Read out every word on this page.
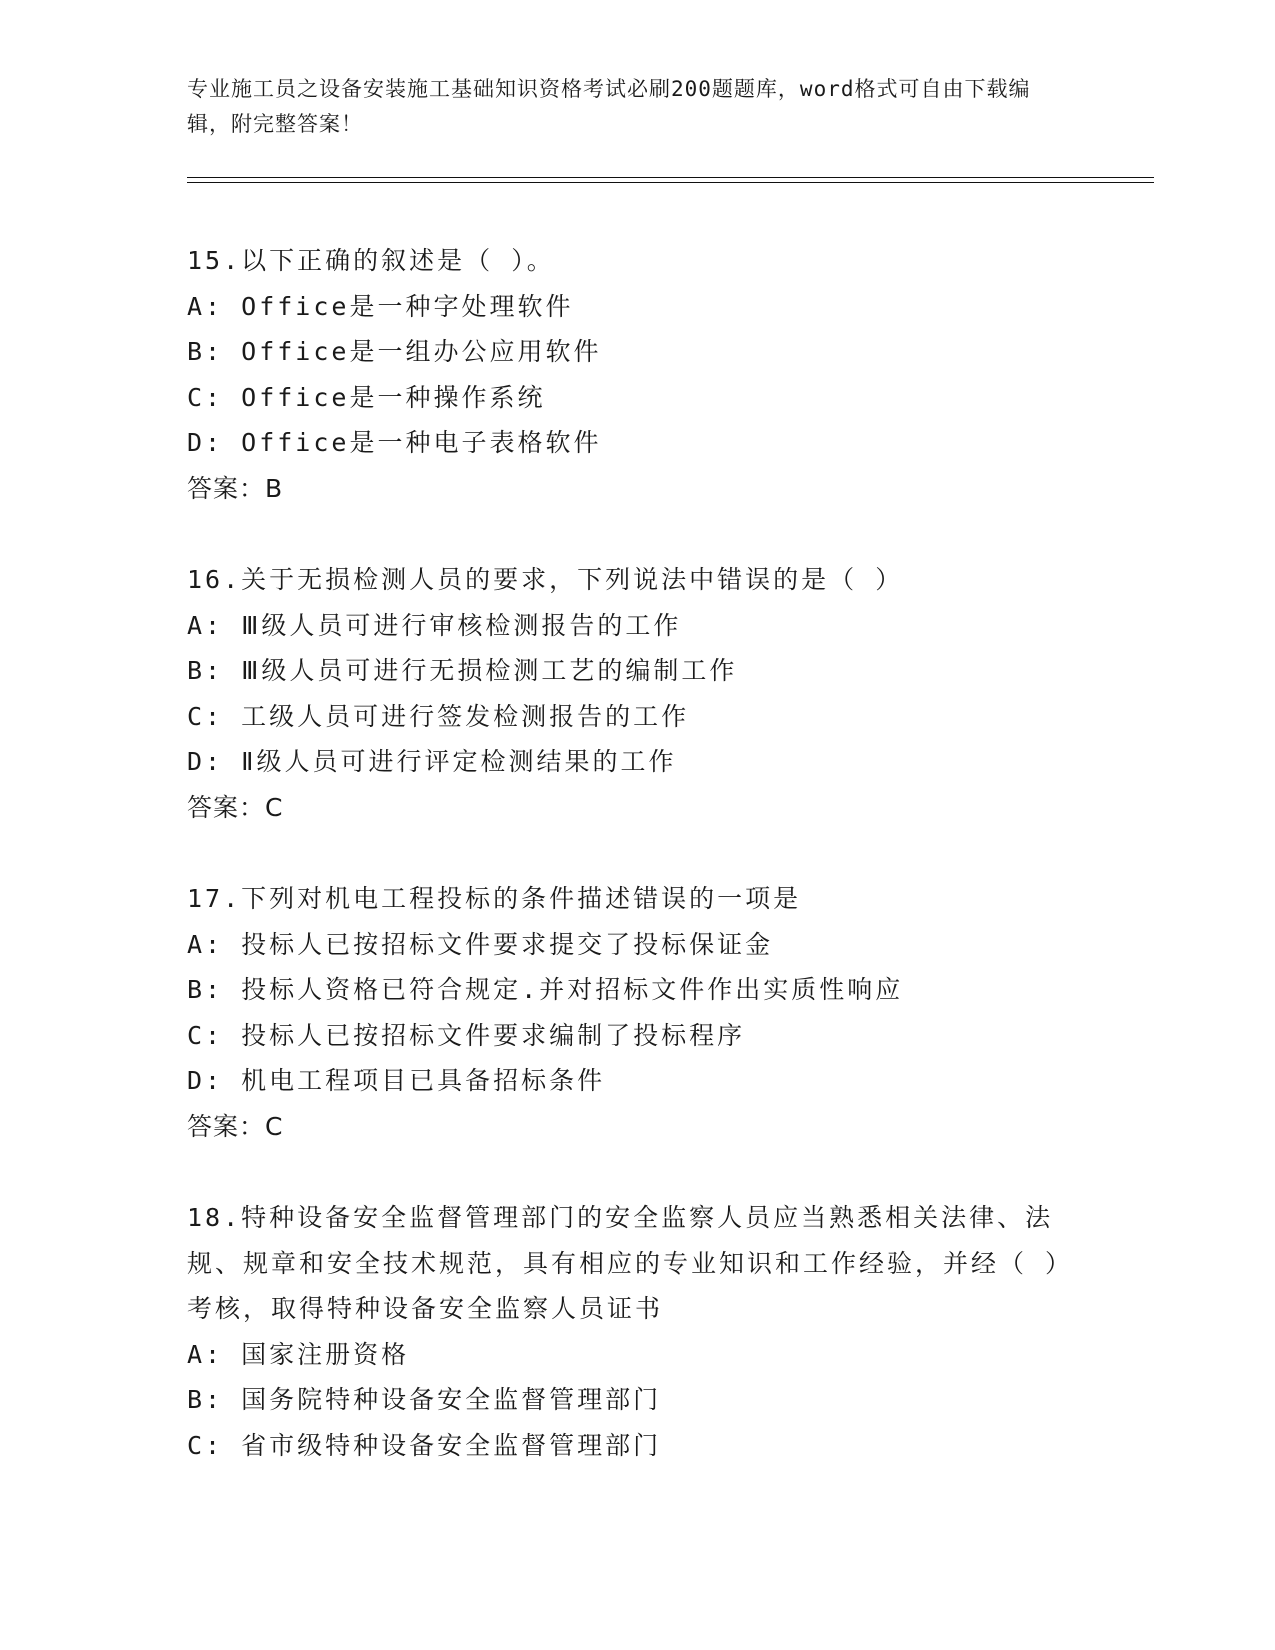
专业施工员之设备安装施工基础知识资格考试必刷200题题库，word格式可自由下载编辑，附完整答案！
15.以下正确的叙述是（ ）。
A: Office是一种字处理软件
B: Office是一组办公应用软件
C: Office是一种操作系统
D: Office是一种电子表格软件
答案：B
16.关于无损检测人员的要求，下列说法中错误的是（ ）
A: Ⅲ级人员可进行审核检测报告的工作
B: Ⅲ级人员可进行无损检测工艺的编制工作
C: 工级人员可进行签发检测报告的工作
D: Ⅱ级人员可进行评定检测结果的工作
答案：C
17.下列对机电工程投标的条件描述错误的一项是
A: 投标人已按招标文件要求提交了投标保证金
B: 投标人资格已符合规定.并对招标文件作出实质性响应
C: 投标人已按招标文件要求编制了投标程序
D: 机电工程项目已具备招标条件
答案：C
18.特种设备安全监督管理部门的安全监察人员应当熟悉相关法律、法规、规章和安全技术规范，具有相应的专业知识和工作经验，并经（ ）考核，取得特种设备安全监察人员证书
A: 国家注册资格
B: 国务院特种设备安全监督管理部门
C: 省市级特种设备安全监督管理部门
